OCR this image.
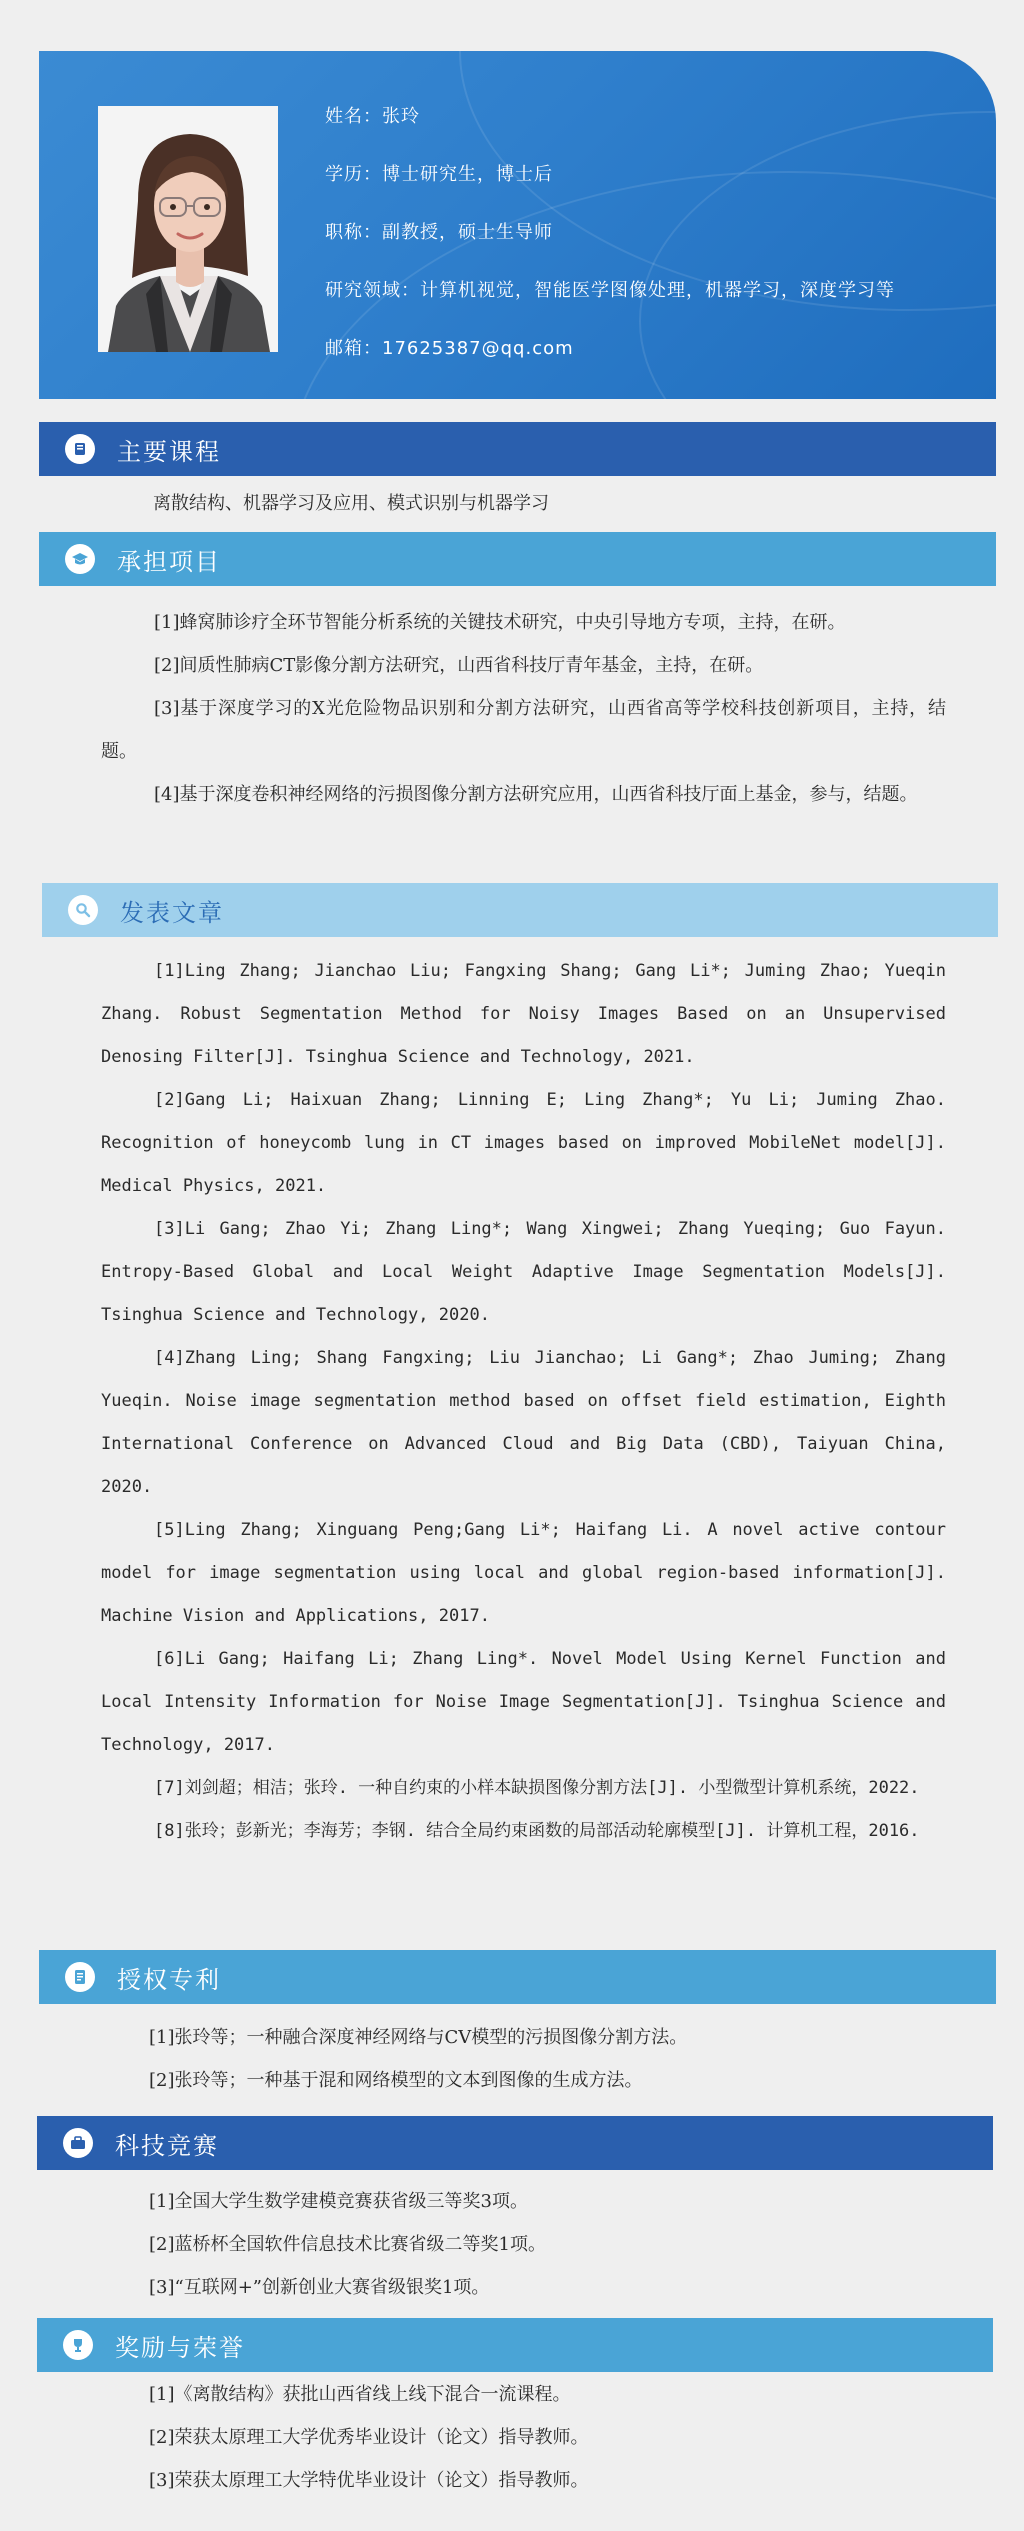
姓名：张玲
学历：博士研究生，博士后
职称：副教授，硕士生导师
研究领域：计算机视觉，智能医学图像处理，机器学习，深度学习等
邮箱：17625387@qq.com
主要课程
离散结构、机器学习及应用、模式识别与机器学习
承担项目
[1]蜂窝肺诊疗全环节智能分析系统的关键技术研究，中央引导地方专项，主持，在研。
[2]间质性肺病CT影像分割方法研究，山西省科技厅青年基金，主持，在研。
[3]基于深度学习的X光危险物品识别和分割方法研究，山西省高等学校科技创新项目，主持，结题。
[4]基于深度卷积神经网络的污损图像分割方法研究应用，山西省科技厅面上基金，参与，结题。
发表文章
[1]Ling Zhang; Jianchao Liu; Fangxing Shang; Gang Li*; Juming Zhao; Yueqin Zhang. Robust Segmentation Method for Noisy Images Based on an Unsupervised Denosing Filter[J]. Tsinghua Science and Technology, 2021.
[2]Gang Li; Haixuan Zhang; Linning E; Ling Zhang*; Yu Li; Juming Zhao. Recognition of honeycomb lung in CT images based on improved MobileNet model[J]. Medical Physics, 2021.
[3]Li Gang; Zhao Yi; Zhang Ling*; Wang Xingwei; Zhang Yueqing; Guo Fayun. Entropy-Based Global and Local Weight Adaptive Image Segmentation Models[J]. Tsinghua Science and Technology, 2020.
[4]Zhang Ling; Shang Fangxing; Liu Jianchao; Li Gang*; Zhao Juming; Zhang Yueqin. Noise image segmentation method based on offset field estimation, Eighth International Conference on Advanced Cloud and Big Data (CBD), Taiyuan China, 2020.
[5]Ling Zhang; Xinguang Peng;Gang Li*; Haifang Li. A novel active contour model for image segmentation using local and global region-based information[J]. Machine Vision and Applications, 2017.
[6]Li Gang; Haifang Li; Zhang Ling*. Novel Model Using Kernel Function and Local Intensity Information for Noise Image Segmentation[J]. Tsinghua Science and Technology, 2017.
[7]刘剑超；相洁；张玲. 一种自约束的小样本缺损图像分割方法[J]. 小型微型计算机系统，2022.
[8]张玲；彭新光；李海芳；李钢. 结合全局约束函数的局部活动轮廓模型[J]. 计算机工程，2016.
授权专利
[1]张玲等；一种融合深度神经网络与CV模型的污损图像分割方法。
[2]张玲等；一种基于混和网络模型的文本到图像的生成方法。
科技竞赛
[1]全国大学生数学建模竞赛获省级三等奖3项。
[2]蓝桥杯全国软件信息技术比赛省级二等奖1项。
[3]“互联网+”创新创业大赛省级银奖1项。
奖励与荣誉
[1]《离散结构》获批山西省线上线下混合一流课程。
[2]荣获太原理工大学优秀毕业设计（论文）指导教师。
[3]荣获太原理工大学特优毕业设计（论文）指导教师。
